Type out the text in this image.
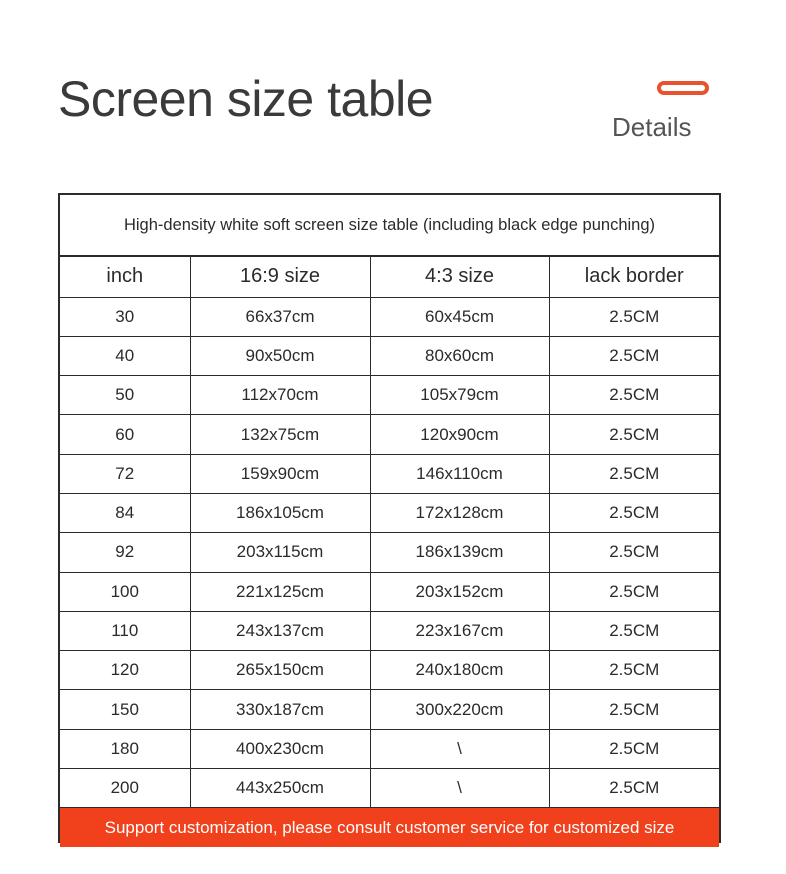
Screen size table	Details
High-density white soft screen size table (including black edge punching)
inch	16:9 size	4:3 size	lack border
30	66x37cm	60x45cm	2.5CM
40	90x50cm	80x60cm	2.5CM
50	112x70cm	105x79cm	2.5CM
60	132x75cm	120x90cm	2.5CM
72	159x90cm	146x110cm	2.5CM
84	186x105cm	172x128cm	2.5CM
92	203x115cm	186x139cm	2.5CM
100	221x125cm	203x152cm	2.5CM
110	243x137cm	223x167cm	2.5CM
120	265x150cm	240x180cm	2.5CM
150	330x187cm	300x220cm	2.5CM
180	400x230cm	\	2.5CM
200	443x250cm	\	2.5CM
Support customization, please consult customer service for customized size
